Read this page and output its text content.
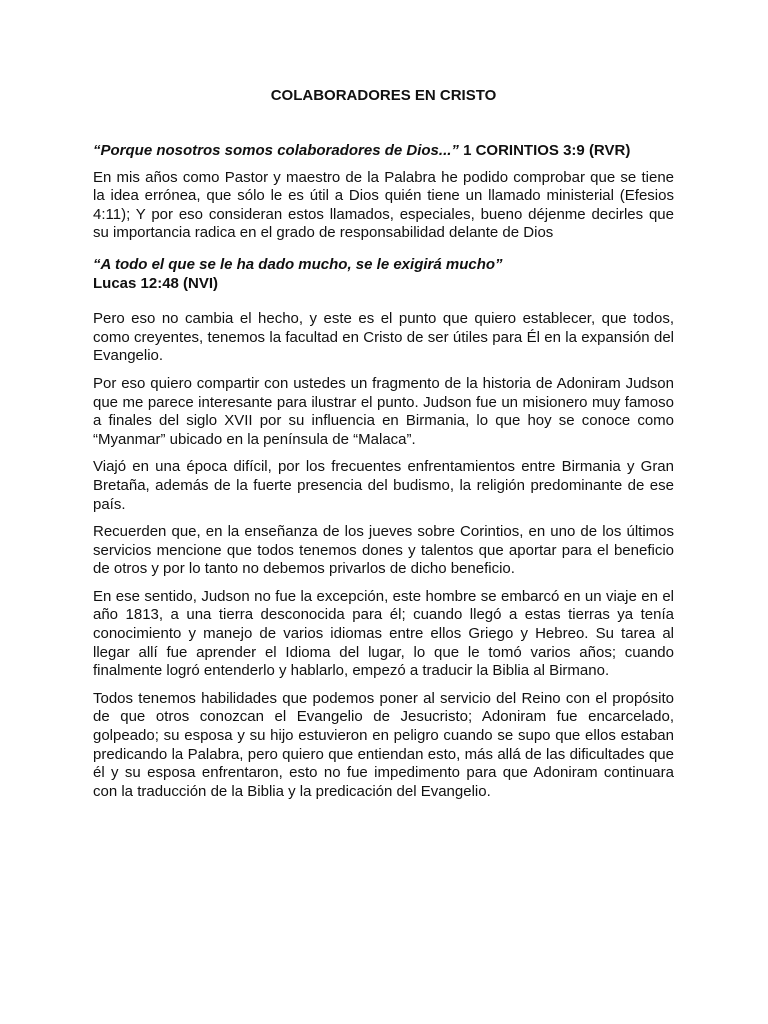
COLABORADORES EN CRISTO
“Porque nosotros somos colaboradores de Dios...” 1 CORINTIOS 3:9 (RVR)
En mis años como Pastor y maestro de la Palabra he podido comprobar que se tiene la idea errónea, que sólo le es útil a Dios quién tiene un llamado ministerial (Efesios 4:11); Y por eso consideran estos llamados, especiales, bueno déjenme decirles que su importancia radica en el grado de responsabilidad delante de Dios
“A todo el que se le ha dado mucho, se le exigirá mucho”
Lucas 12:48 (NVI)
Pero eso no cambia el hecho, y este es el punto que quiero establecer, que todos, como creyentes, tenemos la facultad en Cristo de ser útiles para Él en la expansión del Evangelio.
Por eso quiero compartir con ustedes un fragmento de la historia de Adoniram Judson que me parece interesante para ilustrar el punto. Judson fue un misionero muy famoso a finales del siglo XVII por su influencia en Birmania, lo que hoy se conoce como “Myanmar” ubicado en la península de “Malaca”.
Viajó en una época difícil, por los frecuentes enfrentamientos entre Birmania y Gran Bretaña, además de la fuerte presencia del budismo, la religión predominante de ese país.
Recuerden que, en la enseñanza de los jueves sobre Corintios, en uno de los últimos servicios mencione que todos tenemos dones y talentos que aportar para el beneficio de otros y por lo tanto no debemos privarlos de dicho beneficio.
En ese sentido, Judson no fue la excepción, este hombre se embarcó en un viaje en el año 1813, a una tierra desconocida para él; cuando llegó a estas tierras ya tenía conocimiento y manejo de varios idiomas entre ellos Griego y Hebreo. Su tarea al llegar allí fue aprender el Idioma del lugar, lo que le tomó varios años; cuando finalmente logró entenderlo y hablarlo, empezó a traducir la Biblia al Birmano.
Todos tenemos habilidades que podemos poner al servicio del Reino con el propósito de que otros conozcan el Evangelio de Jesucristo; Adoniram fue encarcelado, golpeado; su esposa y su hijo estuvieron en peligro cuando se supo que ellos estaban predicando la Palabra, pero quiero que entiendan esto, más allá de las dificultades que él y su esposa enfrentaron, esto no fue impedimento para que Adoniram continuara con la traducción de la Biblia y la predicación del Evangelio.
